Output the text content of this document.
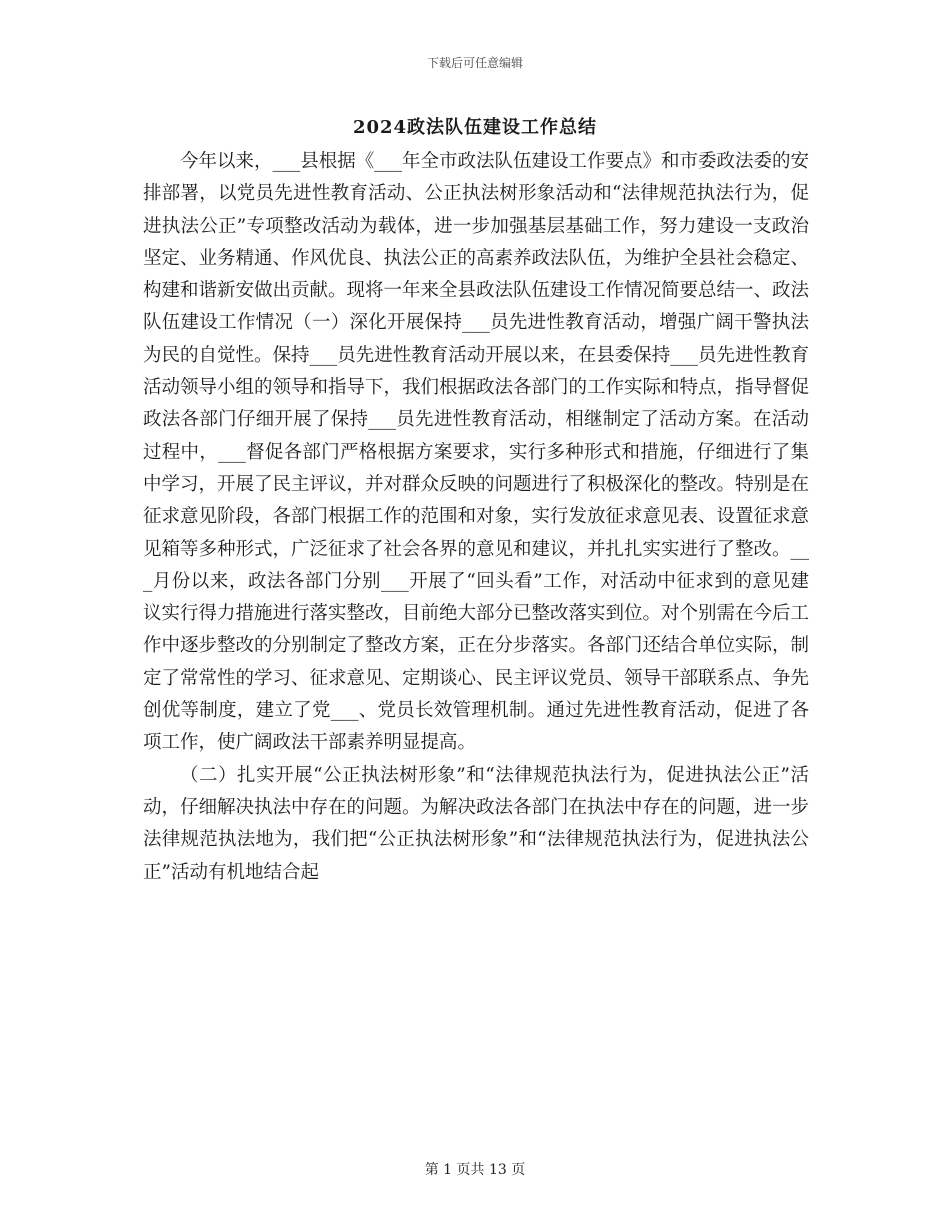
下载后可任意编辑
2024政法队伍建设工作总结

今年以来，___县根据《___年全市政法队伍建设工作要点》和市委政法委的安排部署，以党员先进性教育活动、公正执法树形象活动和“法律规范执法行为，促进执法公正”专项整改活动为载体，进一步加强基层基础工作，努力建设一支政治坚定、业务精通、作风优良、执法公正的高素养政法队伍，为维护全县社会稳定、构建和谐新安做出贡献。现将一年来全县政法队伍建设工作情况简要总结一、政法队伍建设工作情况（一）深化开展保持___员先进性教育活动，增强广阔干警执法为民的自觉性。保持___员先进性教育活动开展以来，在县委保持___员先进性教育活动领导小组的领导和指导下，我们根据政法各部门的工作实际和特点，指导督促政法各部门仔细开展了保持___员先进性教育活动，相继制定了活动方案。在活动过程中，___督促各部门严格根据方案要求，实行多种形式和措施，仔细进行了集中学习，开展了民主评议，并对群众反映的问题进行了积极深化的整改。特别是在征求意见阶段，各部门根据工作的范围和对象，实行发放征求意见表、设置征求意见箱等多种形式，广泛征求了社会各界的意见和建议，并扎扎实实进行了整改。___月份以来，政法各部门分别___开展了“回头看”工作，对活动中征求到的意见建议实行得力措施进行落实整改，目前绝大部分已整改落实到位。对个别需在今后工作中逐步整改的分别制定了整改方案，正在分步落实。各部门还结合单位实际，制定了常常性的学习、征求意见、定期谈心、民主评议党员、领导干部联系点、争先创优等制度，建立了党___、党员长效管理机制。通过先进性教育活动，促进了各项工作，使广阔政法干部素养明显提高。

（二）扎实开展“公正执法树形象”和“法律规范执法行为，促进执法公正”活动，仔细解决执法中存在的问题。为解决政法各部门在执法中存在的问题，进一步法律规范执法地为，我们把“公正执法树形象”和“法律规范执法行为，促进执法公正”活动有机地结合起

第 1 页共 13 页
